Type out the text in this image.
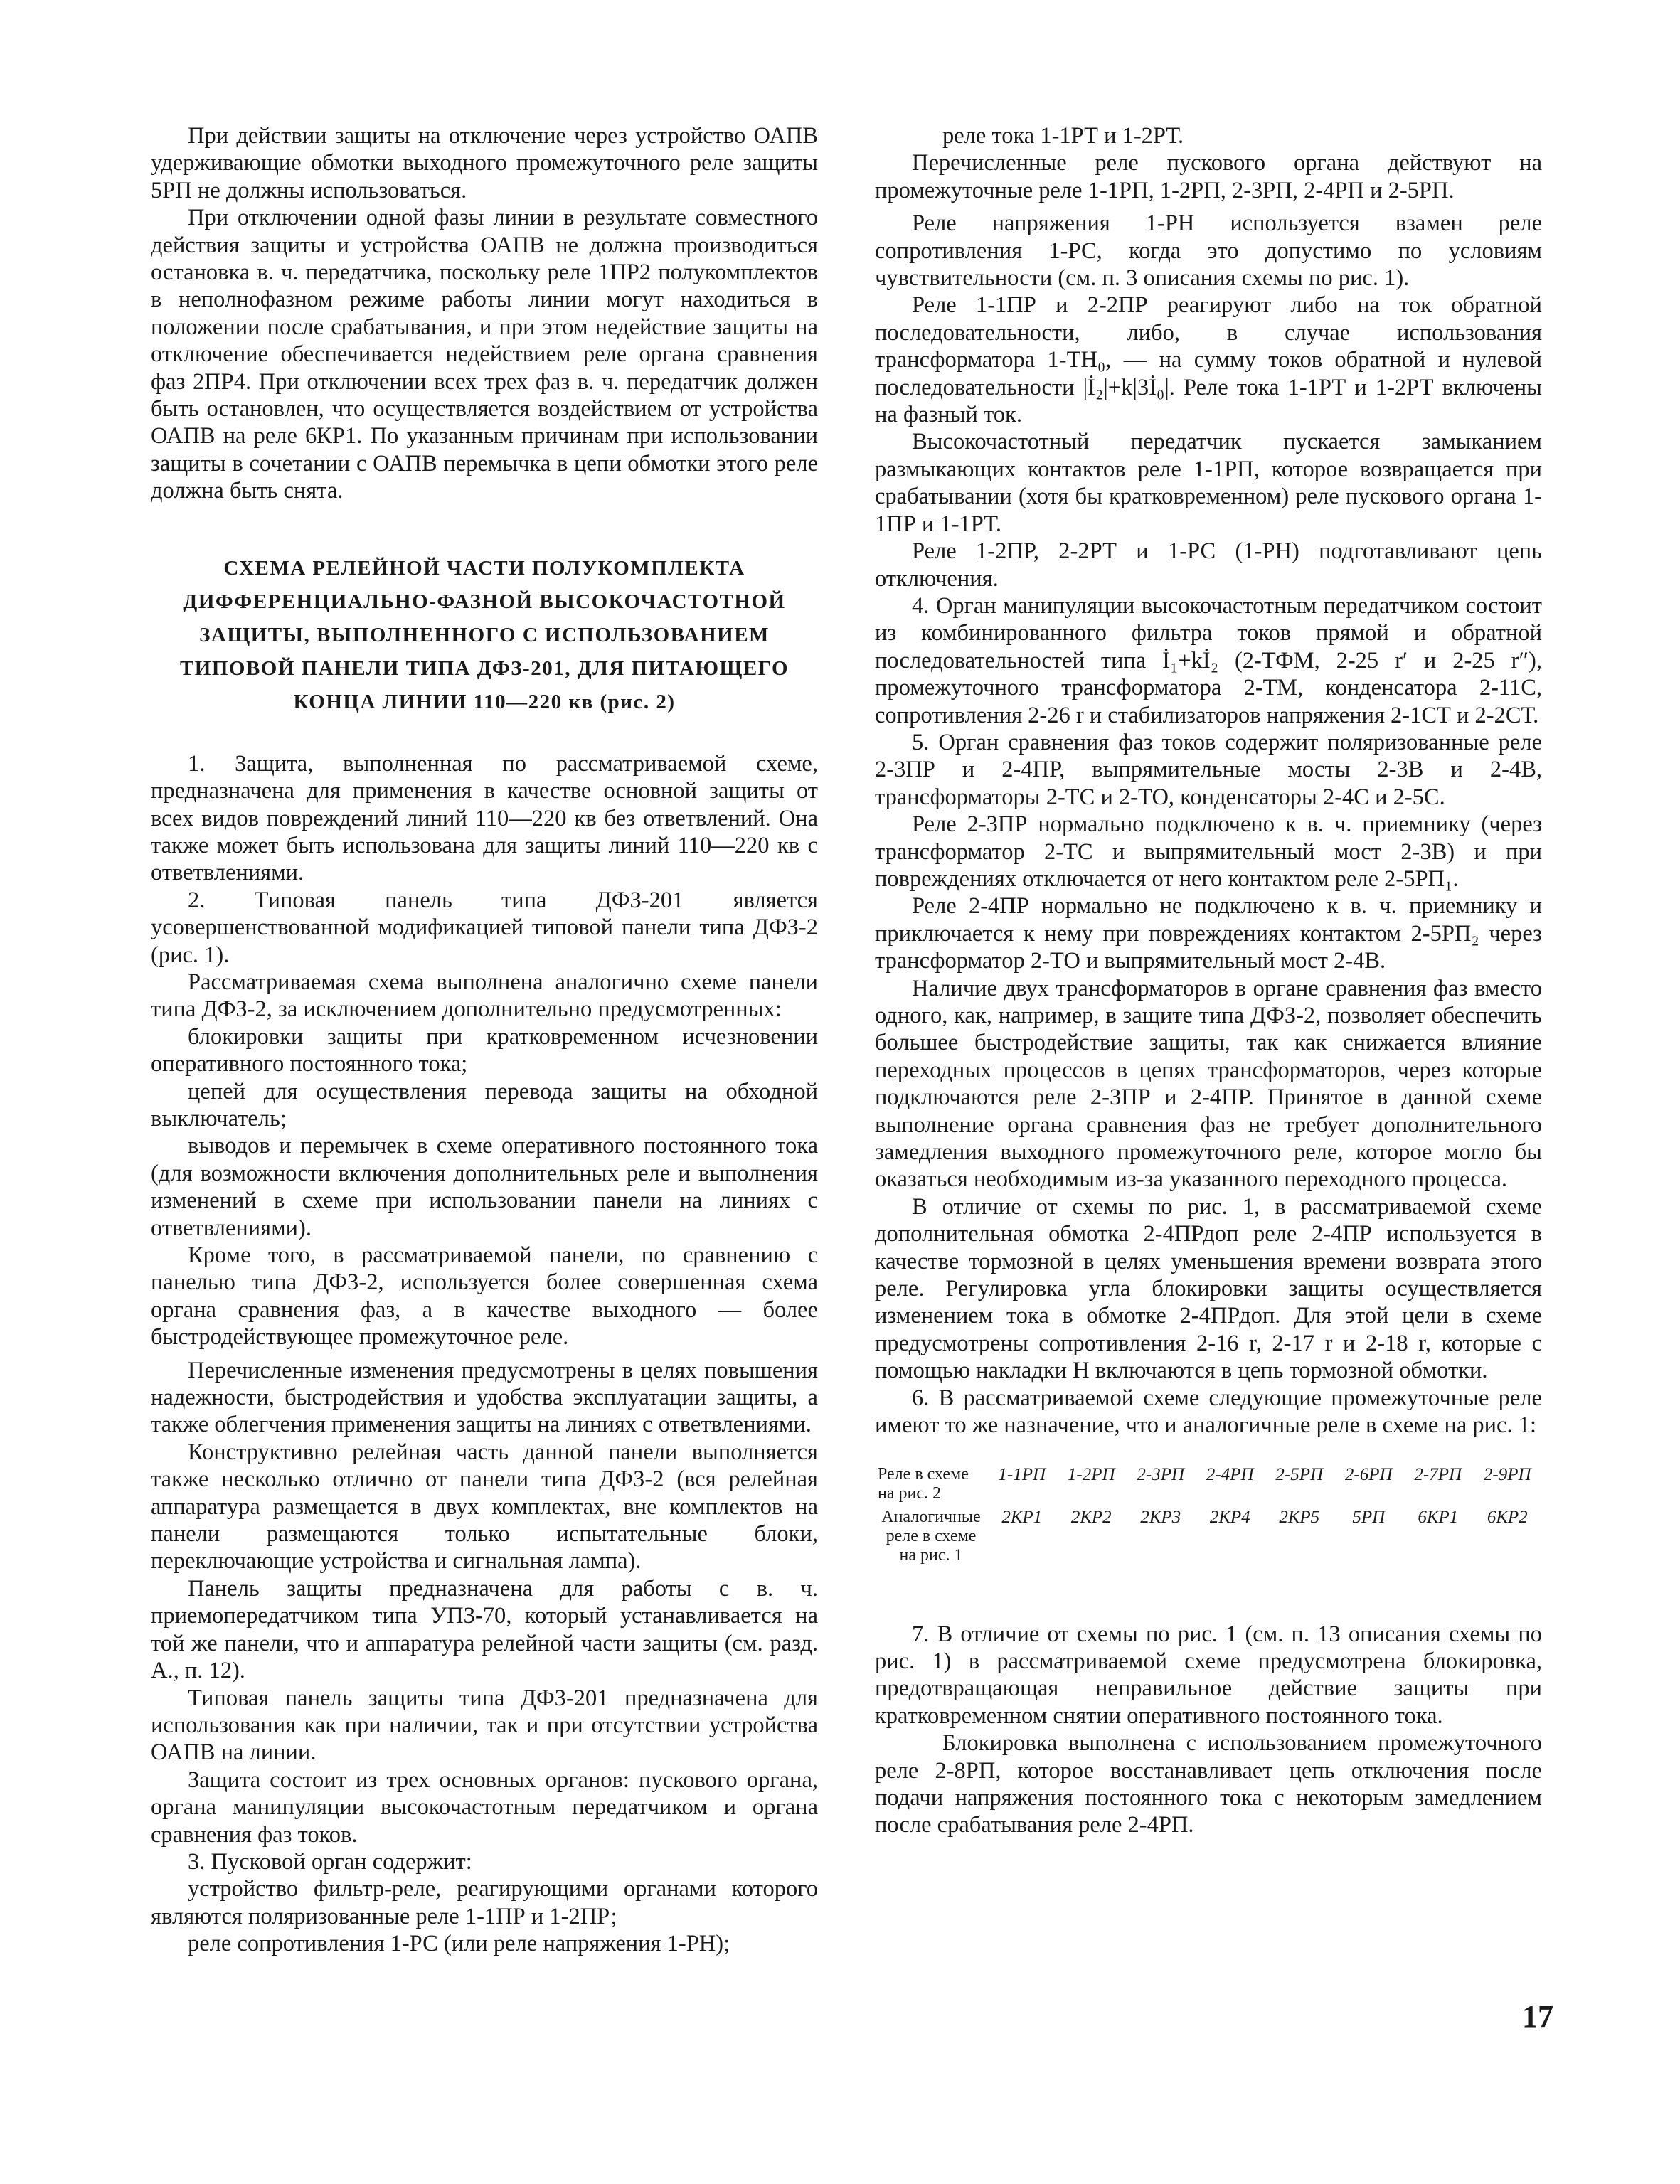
При действии защиты на отключение через устройство ОАПВ удерживающие обмотки выходного промежуточного реле защиты 5РП не должны использоваться.

При отключении одной фазы линии в результате совместного действия защиты и устройства ОАПВ не должна производиться остановка в. ч. передатчика, поскольку реле 1ПР2 полукомплектов в неполнофазном режиме работы линии могут находиться в положении после срабатывания, и при этом недействие защиты на отключение обеспечивается недействием реле органа сравнения фаз 2ПР4. При отключении всех трех фаз в. ч. передатчик должен быть остановлен, что осуществляется воздействием от устройства ОАПВ на реле 6КР1. По указанным причинам при использовании защиты в сочетании с ОАПВ перемычка в цепи обмотки этого реле должна быть снята.

СХЕМА РЕЛЕЙНОЙ ЧАСТИ ПОЛУКОМПЛЕКТА
ДИФФЕРЕНЦИАЛЬНО-ФАЗНОЙ ВЫСОКОЧАСТОТНОЙ
ЗАЩИТЫ, ВЫПОЛНЕННОГО С ИСПОЛЬЗОВАНИЕМ
ТИПОВОЙ ПАНЕЛИ ТИПА ДФЗ-201, ДЛЯ ПИТАЮЩЕГО
КОНЦА ЛИНИИ 110—220 кв (рис. 2)

1. Защита, выполненная по рассматриваемой схеме, предназначена для применения в качестве основной защиты от всех видов повреждений линий 110—220 кв без ответвлений. Она также может быть использована для защиты линий 110—220 кв с ответвлениями.

2. Типовая панель типа ДФЗ-201 является усовершенствованной модификацией типовой панели типа ДФЗ-2 (рис. 1).

Рассматриваемая схема выполнена аналогично схеме панели типа ДФЗ-2, за исключением дополнительно предусмотренных:

блокировки защиты при кратковременном исчезновении оперативного постоянного тока;

цепей для осуществления перевода защиты на обходной выключатель;

выводов и перемычек в схеме оперативного постоянного тока (для возможности включения дополнительных реле и выполнения изменений в схеме при использовании панели на линиях с ответвлениями).

Кроме того, в рассматриваемой панели, по сравнению с панелью типа ДФЗ-2, используется более совершенная схема органа сравнения фаз, а в качестве выходного — более быстродействующее промежуточное реле.

Перечисленные изменения предусмотрены в целях повышения надежности, быстродействия и удобства эксплуатации защиты, а также облегчения применения защиты на линиях с ответвлениями.

Конструктивно релейная часть данной панели выполняется также несколько отлично от панели типа ДФЗ-2 (вся релейная аппаратура размещается в двух комплектах, вне комплектов на панели размещаются только испытательные блоки, переключающие устройства и сигнальная лампа).

Панель защиты предназначена для работы с в. ч. приемопередатчиком типа УПЗ-70, который устанавливается на той же панели, что и аппаратура релейной части защиты (см. разд. А., п. 12).

Типовая панель защиты типа ДФЗ-201 предназначена для использования как при наличии, так и при отсутствии устройства ОАПВ на линии.

Защита состоит из трех основных органов: пускового органа, органа манипуляции высокочастотным передатчиком и органа сравнения фаз токов.

3. Пусковой орган содержит:

устройство фильтр-реле, реагирующими органами которого являются поляризованные реле 1-1ПР и 1-2ПР;

реле сопротивления 1-РС (или реле напряжения 1-РН);

реле тока 1-1РТ и 1-2РТ.

Перечисленные реле пускового органа действуют на промежуточные реле 1-1РП, 1-2РП, 2-3РП, 2-4РП и 2-5РП.

Реле напряжения 1-РН используется взамен реле сопротивления 1-РС, когда это допустимо по условиям чувствительности (см. п. 3 описания схемы по рис. 1).

Реле 1-1ПР и 2-2ПР реагируют либо на ток обратной последовательности, либо, в случае использования трансформатора 1-ТН₀, — на сумму токов обратной и нулевой последовательности |İ₂|+k|3İ₀|. Реле тока 1-1РТ и 1-2РТ включены на фазный ток.

Высокочастотный передатчик пускается замыканием размыкающих контактов реле 1-1РП, которое возвращается при срабатывании (хотя бы кратковременном) реле пускового органа 1-1ПР и 1-1РТ.

Реле 1-2ПР, 2-2РТ и 1-РС (1-РН) подготавливают цепь отключения.

4. Орган манипуляции высокочастотным передатчиком состоит из комбинированного фильтра токов прямой и обратной последовательностей типа İ₁+kİ₂ (2-ТФМ, 2-25 r′ и 2-25 r″), промежуточного трансформатора 2-ТМ, конденсатора 2-11С, сопротивления 2-26 r и стабилизаторов напряжения 2-1СТ и 2-2СТ.

5. Орган сравнения фаз токов содержит поляризованные реле 2-3ПР и 2-4ПР, выпрямительные мосты 2-3В и 2-4В, трансформаторы 2-ТС и 2-ТО, конденсаторы 2-4С и 2-5С.

Реле 2-3ПР нормально подключено к в. ч. приемнику (через трансформатор 2-ТС и выпрямительный мост 2-3В) и при повреждениях отключается от него контактом реле 2-5РП₁.

Реле 2-4ПР нормально не подключено к в. ч. приемнику и приключается к нему при повреждениях контактом 2-5РП₂ через трансформатор 2-ТО и выпрямительный мост 2-4В.

Наличие двух трансформаторов в органе сравнения фаз вместо одного, как, например, в защите типа ДФЗ-2, позволяет обеспечить большее быстродействие защиты, так как снижается влияние переходных процессов в цепях трансформаторов, через которые подключаются реле 2-3ПР и 2-4ПР. Принятое в данной схеме выполнение органа сравнения фаз не требует дополнительного замедления выходного промежуточного реле, которое могло бы оказаться необходимым из-за указанного переходного процесса.

В отличие от схемы по рис. 1, в рассматриваемой схеме дополнительная обмотка 2-4ПРдоп реле 2-4ПР используется в качестве тормозной в целях уменьшения времени возврата этого реле. Регулировка угла блокировки защиты осуществляется изменением тока в обмотке 2-4ПРдоп. Для этой цели в схеме предусмотрены сопротивления 2-16 r, 2-17 r и 2-18 r, которые с помощью накладки Н включаются в цепь тормозной обмотки.

6. В рассматриваемой схеме следующие промежуточные реле имеют то же назначение, что и аналогичные реле в схеме на рис. 1:

Реле в схеме на рис. 2	1-1РП	1-2РП	2-3РП	2-4РП	2-5РП	2-6РП	2-7РП	2-9РП
Аналогичные реле в схеме на рис. 1	2КР1	2КР2	2КР3	2КР4	2КР5	5РП	6КР1	6КР2

7. В отличие от схемы по рис. 1 (см. п. 13 описания схемы по рис. 1) в рассматриваемой схеме предусмотрена блокировка, предотвращающая неправильное действие защиты при кратковременном снятии оперативного постоянного тока.

Блокировка выполнена с использованием промежуточного реле 2-8РП, которое восстанавливает цепь отключения после подачи напряжения постоянного тока с некоторым замедлением после срабатывания реле 2-4РП.

17
